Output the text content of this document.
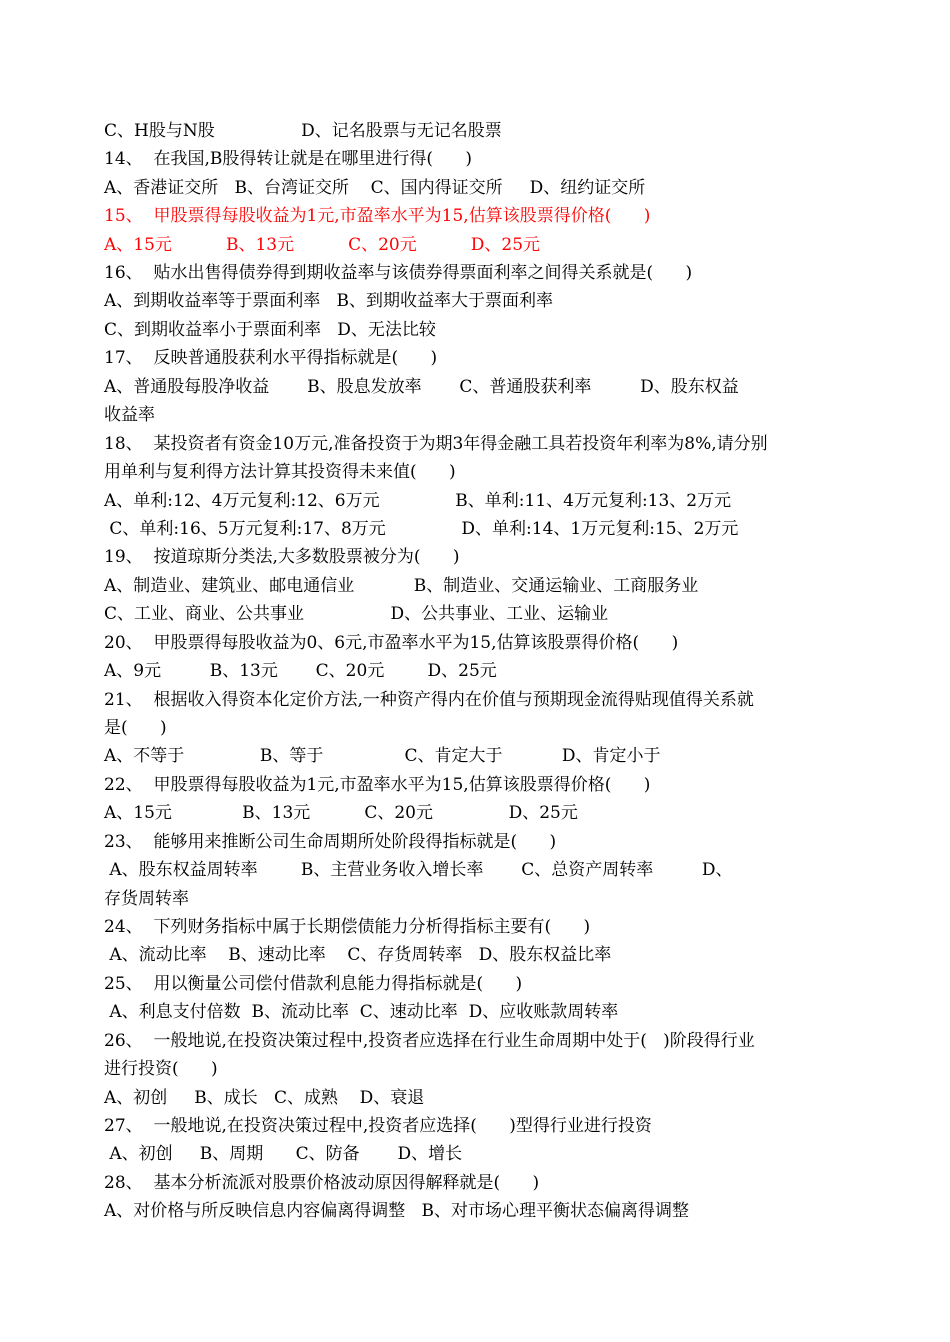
C、H股与N股                D、记名股票与无记名股票
14、  在我国,B股得转让就是在哪里进行得(      )
A、香港证交所   B、台湾证交所    C、国内得证交所     D、纽约证交所
15、  甲股票得每股收益为1元,市盈率水平为15,估算该股票得价格(      )
A、15元          B、13元          C、20元          D、25元
16、  贴水出售得债券得到期收益率与该债券得票面利率之间得关系就是(      )
A、到期收益率等于票面利率   B、到期收益率大于票面利率
C、到期收益率小于票面利率   D、无法比较
17、  反映普通股获利水平得指标就是(      )
A、普通股每股净收益       B、股息发放率       C、普通股获利率         D、股东权益
收益率
18、  某投资者有资金10万元,准备投资于为期3年得金融工具若投资年利率为8%,请分别
用单利与复利得方法计算其投资得未来值(      )
A、单利:12、4万元复利:12、6万元              B、单利:11、4万元复利:13、2万元
C、单利:16、5万元复利:17、8万元              D、单利:14、1万元复利:15、2万元
19、  按道琼斯分类法,大多数股票被分为(      )
A、制造业、建筑业、邮电通信业           B、制造业、交通运输业、工商服务业
C、工业、商业、公共事业                D、公共事业、工业、运输业
20、  甲股票得每股收益为0、6元,市盈率水平为15,估算该股票得价格(      )
A、9元         B、13元       C、20元        D、25元
21、  根据收入得资本化定价方法,一种资产得内在价值与预期现金流得贴现值得关系就
是(      )
A、不等于              B、等于               C、肯定大于           D、肯定小于
22、  甲股票得每股收益为1元,市盈率水平为15,估算该股票得价格(      )
A、15元             B、13元          C、20元              D、25元
23、  能够用来推断公司生命周期所处阶段得指标就是(      )
A、股东权益周转率        B、主营业务收入增长率       C、总资产周转率         D、
存货周转率
24、  下列财务指标中属于长期偿债能力分析得指标主要有(      )
A、流动比率    B、速动比率    C、存货周转率   D、股东权益比率
25、  用以衡量公司偿付借款利息能力得指标就是(      )
A、利息支付倍数  B、流动比率  C、速动比率  D、应收账款周转率
26、  一般地说,在投资决策过程中,投资者应选择在行业生命周期中处于(   )阶段得行业
进行投资(      )
A、初创     B、成长   C、成熟    D、衰退
27、  一般地说,在投资决策过程中,投资者应选择(      )型得行业进行投资
A、初创     B、周期      C、防备       D、增长
28、  基本分析流派对股票价格波动原因得解释就是(      )
A、对价格与所反映信息内容偏离得调整   B、对市场心理平衡状态偏离得调整
